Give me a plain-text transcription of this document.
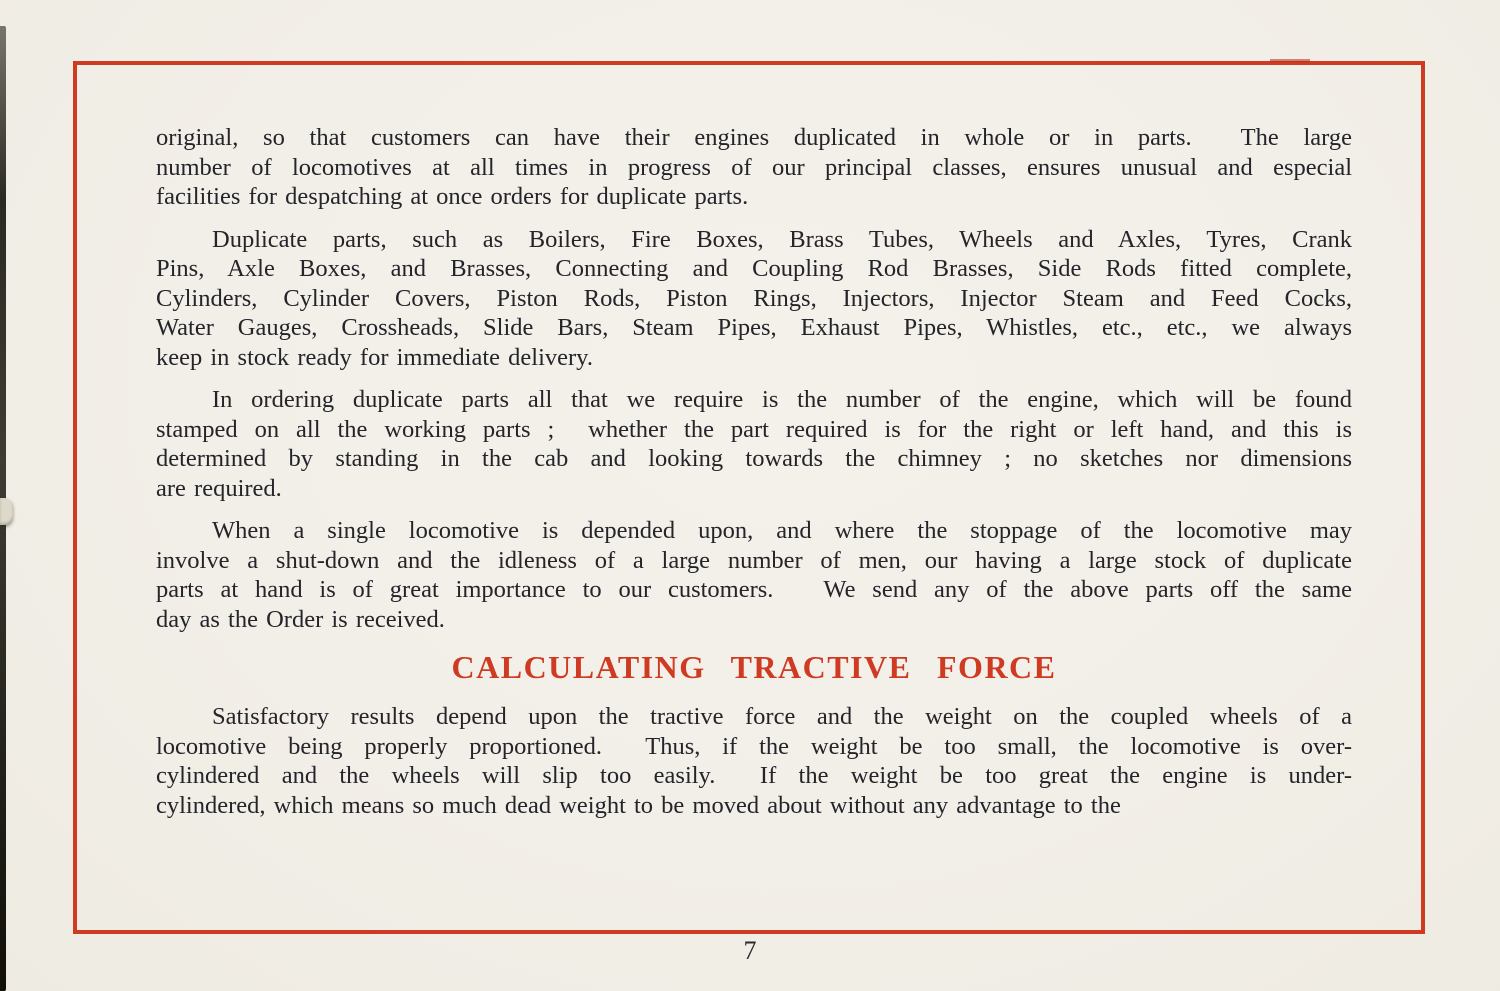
original, so that customers can have their engines duplicated in whole or in parts.  The large
number of locomotives at all times in progress of our principal classes, ensures unusual and especial
facilities for despatching at once orders for duplicate parts.
Duplicate parts, such as Boilers, Fire Boxes, Brass Tubes, Wheels and Axles, Tyres, Crank
Pins, Axle Boxes, and Brasses, Connecting and Coupling Rod Brasses, Side Rods fitted complete,
Cylinders, Cylinder Covers, Piston Rods, Piston Rings, Injectors, Injector Steam and Feed Cocks,
Water Gauges, Crossheads, Slide Bars, Steam Pipes, Exhaust Pipes, Whistles, etc., etc., we always
keep in stock ready for immediate delivery.
In ordering duplicate parts all that we require is the number of the engine, which will be found
stamped on all the working parts ;  whether the part required is for the right or left hand, and this is
determined by standing in the cab and looking towards the chimney ; no sketches nor dimensions
are required.
When a single locomotive is depended upon, and where the stoppage of the locomotive may
involve a shut-down and the idleness of a large number of men, our having a large stock of duplicate
parts at hand is of great importance to our customers.   We send any of the above parts off the same
day as the Order is received.
CALCULATING TRACTIVE FORCE
Satisfactory results depend upon the tractive force and the weight on the coupled wheels of a
locomotive being properly proportioned.  Thus, if the weight be too small, the locomotive is over-
cylindered and the wheels will slip too easily.  If the weight be too great the engine is under-
cylindered, which means so much dead weight to be moved about without any advantage to the
7
